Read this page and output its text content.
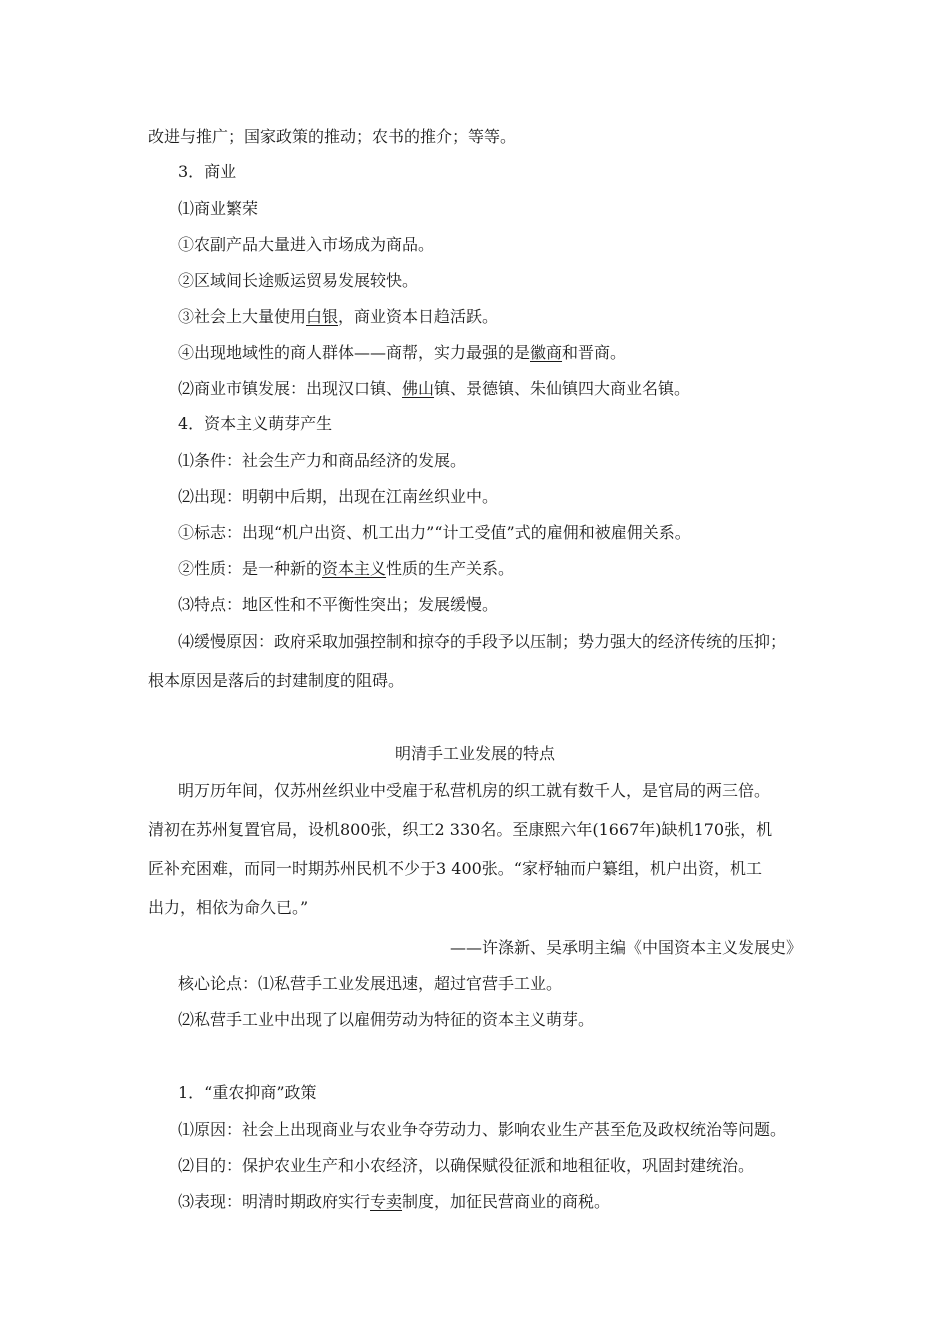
改进与推广；国家政策的推动；农书的推介；等等。
3．商业
⑴商业繁荣
①农副产品大量进入市场成为商品。
②区域间长途贩运贸易发展较快。
③社会上大量使用白银，商业资本日趋活跃。
④出现地域性的商人群体——商帮，实力最强的是徽商和晋商。
⑵商业市镇发展：出现汉口镇、佛山镇、景德镇、朱仙镇四大商业名镇。
4．资本主义萌芽产生
⑴条件：社会生产力和商品经济的发展。
⑵出现：明朝中后期，出现在江南丝织业中。
①标志：出现“机户出资、机工出力”“计工受值”式的雇佣和被雇佣关系。
②性质：是一种新的资本主义性质的生产关系。
⑶特点：地区性和不平衡性突出；发展缓慢。
⑷缓慢原因：政府采取加强控制和掠夺的手段予以压制；势力强大的经济传统的压抑；
根本原因是落后的封建制度的阻碍。
明清手工业发展的特点
明万历年间，仅苏州丝织业中受雇于私营机房的织工就有数千人，是官局的两三倍。
清初在苏州复置官局，设机800张，织工2 330名。至康熙六年(1667年)缺机170张，机
匠补充困难，而同一时期苏州民机不少于3 400张。“家杼轴而户纂组，机户出资，机工
出力，相依为命久已。”
——许涤新、吴承明主编《中国资本主义发展史》
核心论点：⑴私营手工业发展迅速，超过官营手工业。
⑵私营手工业中出现了以雇佣劳动为特征的资本主义萌芽。
1．“重农抑商”政策
⑴原因：社会上出现商业与农业争夺劳动力、影响农业生产甚至危及政权统治等问题。
⑵目的：保护农业生产和小农经济，以确保赋役征派和地租征收，巩固封建统治。
⑶表现：明清时期政府实行专卖制度，加征民营商业的商税。
